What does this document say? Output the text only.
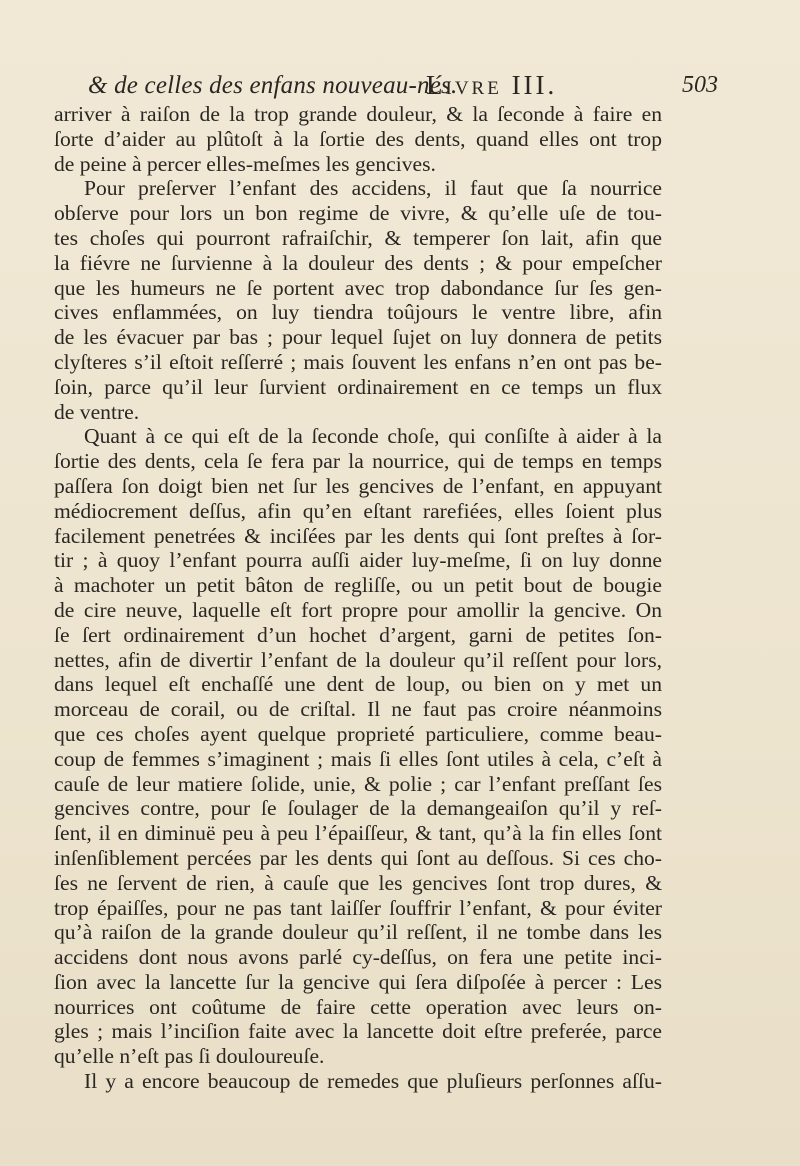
& de celles des enfans nouveau-nés.
Livre III.	503
arriver à raiſon de la trop grande douleur, & la ſeconde à faire en
ſorte d’aider au plûtoſt à la ſortie des dents, quand elles ont trop
de peine à percer elles-meſmes les gencives.
Pour preſerver l’enfant des accidens, il faut que ſa nourrice
obſerve pour lors un bon regime de vivre, & qu’elle uſe de tou-
tes choſes qui pourront rafraiſchir, & temperer ſon lait, afin que
la fiévre ne ſurvienne à la douleur des dents ; & pour empeſcher
que les humeurs ne ſe portent avec trop dabondance ſur ſes gen-
cives enflammées, on luy tiendra toûjours le ventre libre, afin
de les évacuer par bas ; pour lequel ſujet on luy donnera de petits
clyſteres s’il eſtoit reſſerré ; mais ſouvent les enfans n’en ont pas be-
ſoin, parce qu’il leur ſurvient ordinairement en ce temps un flux
de ventre.
Quant à ce qui eſt de la ſeconde choſe, qui conſiſte à aider à la
ſortie des dents, cela ſe fera par la nourrice, qui de temps en temps
paſſera ſon doigt bien net ſur les gencives de l’enfant, en appuyant
médiocrement deſſus, afin qu’en eſtant rarefiées, elles ſoient plus
facilement penetrées & inciſées par les dents qui ſont preſtes à ſor-
tir ; à quoy l’enfant pourra auſſi aider luy-meſme, ſi on luy donne
à machoter un petit bâton de regliſſe, ou un petit bout de bougie
de cire neuve, laquelle eſt fort propre pour amollir la gencive. On
ſe ſert ordinairement d’un hochet d’argent, garni de petites ſon-
nettes, afin de divertir l’enfant de la douleur qu’il reſſent pour lors,
dans lequel eſt enchaſſé une dent de loup, ou bien on y met un
morceau de corail, ou de criſtal. Il ne faut pas croire néanmoins
que ces choſes ayent quelque proprieté particuliere, comme beau-
coup de femmes s’imaginent ; mais ſi elles ſont utiles à cela, c’eſt à
cauſe de leur matiere ſolide, unie, & polie ; car l’enfant preſſant ſes
gencives contre, pour ſe ſoulager de la demangeaiſon qu’il y reſ-
ſent, il en diminuë peu à peu l’épaiſſeur, & tant, qu’à la fin elles ſont
inſenſiblement percées par les dents qui ſont au deſſous. Si ces cho-
ſes ne ſervent de rien, à cauſe que les gencives ſont trop dures, &
trop épaiſſes, pour ne pas tant laiſſer ſouffrir l’enfant, & pour éviter
qu’à raiſon de la grande douleur qu’il reſſent, il ne tombe dans les
accidens dont nous avons parlé cy-deſſus, on fera une petite inci-
ſion avec la lancette ſur la gencive qui ſera diſpoſée à percer : Les
nourrices ont coûtume de faire cette operation avec leurs on-
gles ; mais l’inciſion faite avec la lancette doit eſtre preferée, parce
qu’elle n’eſt pas ſi douloureuſe.
Il y a encore beaucoup de remedes que pluſieurs perſonnes aſſu-
